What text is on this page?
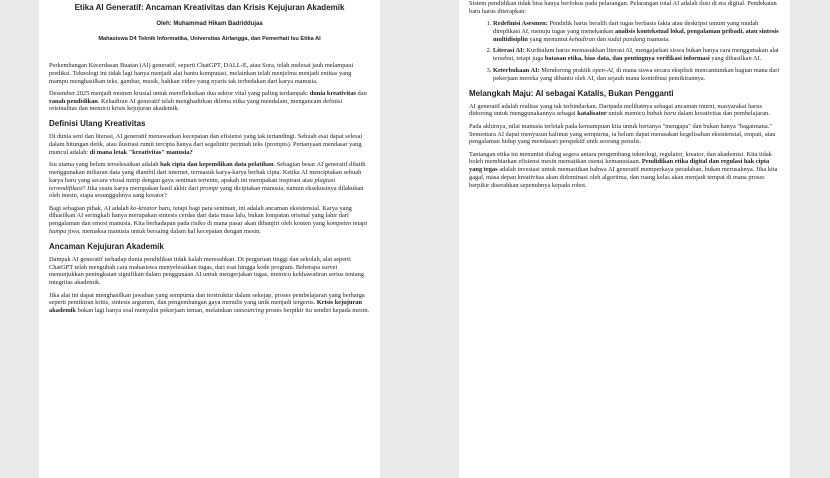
Etika AI Generatif: Ancaman Kreativitas dan Krisis Kejujuran Akademik
Oleh: Muhammad Hikam Badriddujaa
Mahasiswa D4 Teknik Informatika, Universitas Airlangga, dan Pemerhati Isu Etika AI

Perkembangan Kecerdasan Buatan (AI) generatif, seperti ChatGPT, DALL-E, atau Sora, telah melesat jauh melampaui prediksi. Teknologi ini tidak lagi hanya menjadi alat bantu komputasi, melainkan telah menjelma menjadi entitas yang mampu menghasilkan teks, gambar, musik, bahkan video yang nyaris tak terbedakan dari karya manusia.

Desember 2025 menjadi momen krusial untuk merefleksikan dua sektor vital yang paling terdampak: dunia kreativitas dan ranah pendidikan. Kehadiran AI generatif telah menghadirkan dilema etika yang mendalam, mengancam definisi orisinalitas dan memicu krisis kejujuran akademik.

Definisi Ulang Kreativitas

Di dunia seni dan literasi, AI generatif menawarkan kecepatan dan efisiensi yang tak tertandingi. Sebuah esai dapat selesai dalam hitungan detik, atau ilustrasi rumit tercipta hanya dari segelintir perintah teks (prompts). Pertanyaan mendasar yang muncul adalah: di mana letak "kreativitas" manusia?

Isu utama yang belum terselesaikan adalah hak cipta dan kepemilikan data pelatihan. Sebagian besar AI generatif dilatih menggunakan miliaran data yang diambil dari internet, termasuk karya-karya berhak cipta. Ketika AI menciptakan sebuah karya baru yang secara visual mirip dengan gaya seniman tertentu, apakah ini merupakan inspirasi atau plagiasi termodifikasi? Jika suatu karya merupakan hasil akhir dari prompt yang diciptakan manusia, namun eksekusinya dilakukan oleh mesin, siapa sesungguhnya sang kreator?

Bagi sebagian pihak, AI adalah ko-kreator baru, tetapi bagi para seniman, ini adalah ancaman eksistensial. Karya yang dihasilkan AI seringkali hanya merupakan sintesis cerdas dari data masa lalu, bukan lompatan orisinal yang lahir dari pengalaman dan emosi manusia. Kita berhadapan pada risiko di mana pasar akan dibanjiri oleh konten yang kompeten tetapi hampa jiwa, memaksa manusia untuk bersaing dalam hal kecepatan dengan mesin.

Ancaman Kejujuran Akademik

Dampak AI generatif terhadap dunia pendidikan tidak kalah meresahkan. Di perguruan tinggi dan sekolah, alat seperti ChatGPT telah mengubah cara mahasiswa menyelesaikan tugas, dari esai hingga kode program. Beberapa survei menunjukkan peningkatan signifikan dalam penggunaan AI untuk mengerjakan tugas, memicu kekhawatiran serius tentang integritas akademik.

Jika alat ini dapat menghasilkan jawaban yang sempurna dan terstruktur dalam sekejap, proses pembelajaran yang berharga seperti pemikiran kritis, sintesis argumen, dan pengembangan gaya menulis yang unik menjadi tergerus. Krisis kejujuran akademik bukan lagi hanya soal menyalin pekerjaan teman, melainkan outsourcing proses berpikir itu sendiri kepada mesin.

Sistem pendidikan tidak bisa hanya berfokus pada pelarangan. Pelarangan total AI adalah ilusi di era digital. Pendekatan baru harus diterapkan:

1. Redefinisi Asesmen: Pendidik harus beralih dari tugas berbasis fakta atau deskripsi umum yang mudah direplikasi AI, menuju tugas yang menekankan analisis kontekstual lokal, pengalaman pribadi, atau sintesis multidisiplin yang menuntut kehadiran dan sudut pandang manusia.
2. Literasi AI: Kurikulum harus memasukkan literasi AI, mengajarkan siswa bukan hanya cara menggunakan alat tersebut, tetapi juga batasan etika, bias data, dan pentingnya verifikasi informasi yang dihasilkan AI.
3. Keterbukaan AI: Mendorong praktik open-AI, di mana siswa secara eksplisit mencantumkan bagian mana dari pekerjaan mereka yang dibantu oleh AI, dan sejauh mana kontribusi pemikirannya.
Melangkah Maju: AI sebagai Katalis, Bukan Pengganti

AI generatif adalah realitas yang tak terhindarkan. Daripada melihatnya sebagai ancaman murni, masyarakat harus didorong untuk menggunakannya sebagai katalisator untuk memicu babak baru dalam kreativitas dan pembelajaran.

Pada akhirnya, nilai manusia terletak pada kemampuan kita untuk bertanya "mengapa" dan bukan hanya "bagaimana." Sementara AI dapat menyusun kalimat yang sempurna, ia belum dapat merasakan kegelisahan eksistensial, empati, atau pengalaman hidup yang mendasari perspektif unik seorang penulis.

Tantangan etika ini menuntut dialog segera antara pengembang teknologi, regulator, kreator, dan akademisi. Kita tidak boleh membiarkan efisiensi mesin mematikan esensi kemanusiaan. Pendidikan etika digital dan regulasi hak cipta yang tegas adalah investasi untuk memastikan bahwa AI generatif memperkaya peradaban, bukan merusaknya. Jika kita gagal, masa depan kreativitas akan didominasi oleh algoritma, dan ruang kelas akan menjadi tempat di mana proses berpikir diserahkan sepenuhnya kepada robot.
